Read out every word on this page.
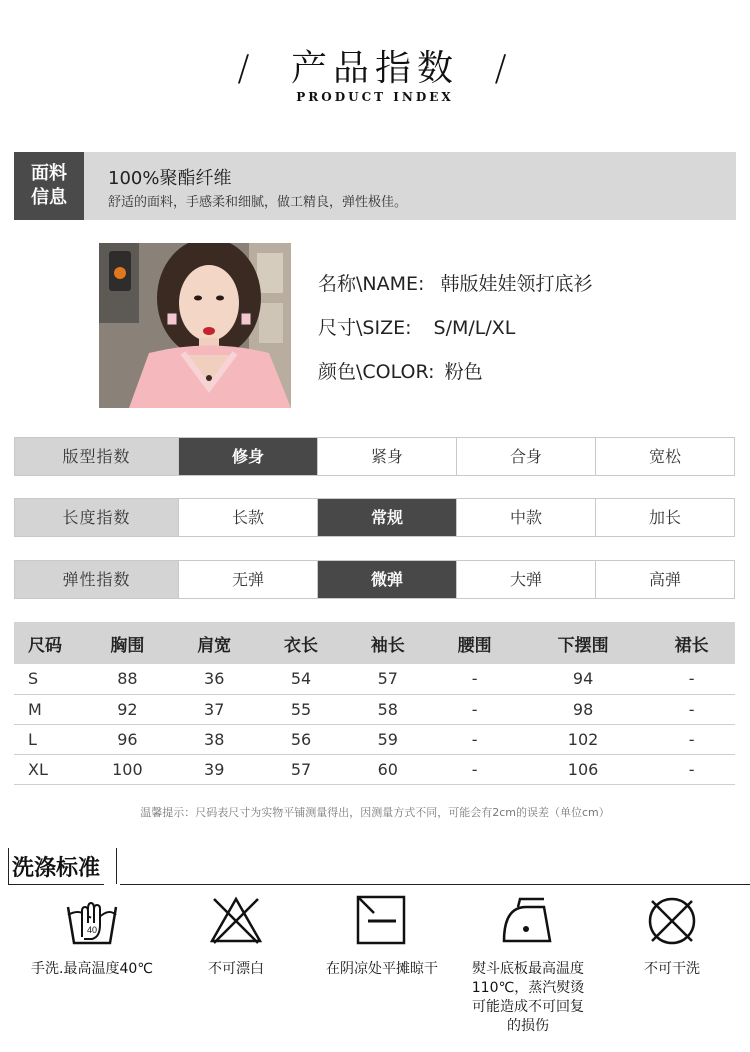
/ 产品指数 /
PRODUCT INDEX
面料
信息
100%聚酯纤维
舒适的面料，手感柔和细腻，做工精良，弹性极佳。
名称\NAME: 韩版娃娃领打底衫
尺寸\SIZE: S/M/L/XL
颜色\COLOR: 粉色
版型指数	修身	紧身	合身	宽松
长度指数	长款	常规	中款	加长
弹性指数	无弹	微弹	大弹	高弹
尺码	胸围	肩宽	衣长	袖长	腰围	下摆围	裙长
S	88	36	54	57	-	94	-
M	92	37	55	58	-	98	-
L	96	38	56	59	-	102	-
XL	100	39	57	60	-	106	-
温馨提示：尺码表尺寸为实物平铺测量得出，因测量方式不同，可能会有2cm的误差（单位cm）
洗涤标准
40
手洗.最高温度40℃	不可漂白	在阴凉处平摊晾干	熨斗底板最高温度110℃，蒸汽熨烫可能造成不可回复的损伤
不可干洗
